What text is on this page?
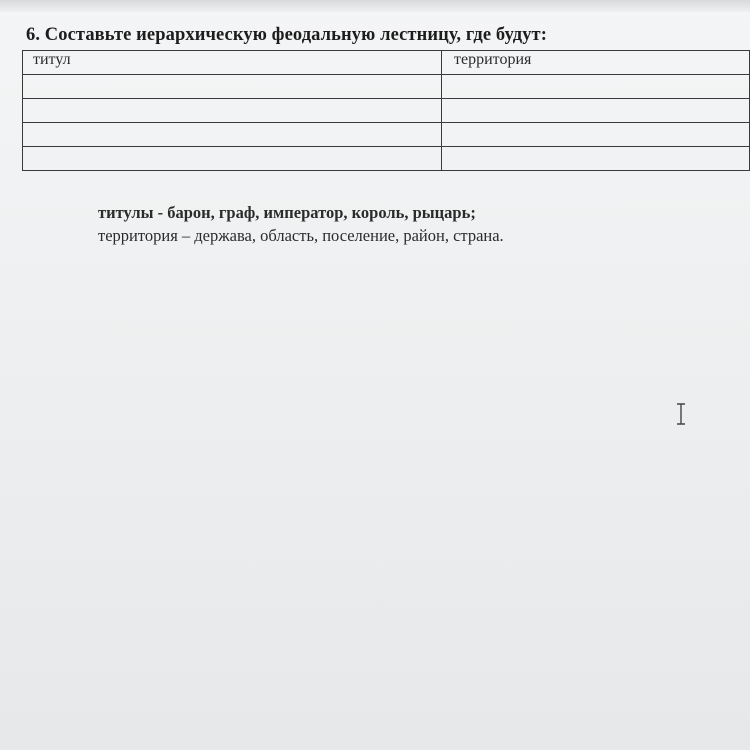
6. Составьте иерархическую феодальную лестницу, где будут:
титул	территория

титулы - барон, граф, император, король, рыцарь;
территория – держава, область, поселение, район, страна.
